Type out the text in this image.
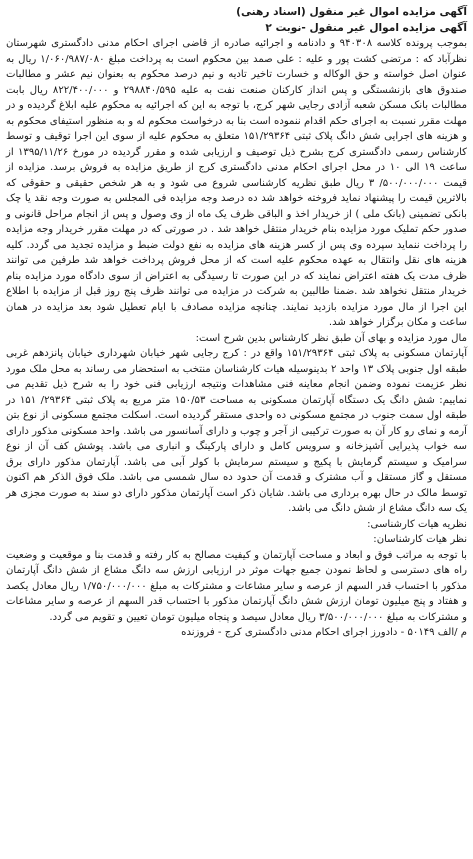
آگهی مزایده اموال غیر منقول (اسناد رهنی)
آگهی مزایده اموال غیر منقول -نوبت ۲

بموجب پرونده کلاسه ۹۴۰۳۰۸ و دادنامه و اجرائیه صادره از قاضی اجرای احکام مدنی دادگستری شهرستان نظرآباد که : مرتضی کشت پور و علیه : علی صمد بین محکوم است به پرداخت مبلغ ۱/۰۶۰/۹۸۷/۰۸۰ ریال به عنوان اصل خواسته و حق الوکاله و خسارت تاخیر تادیه و نیم درصد محکوم به بعنوان نیم عشر و مطالبات صندوق های بازنشستگی و پس انداز کارکنان صنعت نفت به علیه ۲۹۸۸۴۰/۵۹۵ و ۸۲۲/۴۰۰/۰۰۰ ریال بابت مطالبات بانک مسکن شعبه آزادی رجایی شهر کرج، با توجه به این که اجرائیه به محکوم علیه ابلاغ گردیده و در مهلت مقرر نسبت به اجرای حکم اقدام ننموده است بنا به درخواست محکوم له و به منظور استیفای محکوم به و هزینه های اجرایی شش دانگ پلاک ثبتی ۱۵۱/۲۹۳۶۴ متعلق به محکوم علیه از سوی این اجرا توقیف و توسط کارشناس رسمی دادگستری کرج بشرح ذیل توصیف و ارزیابی شده و مقرر گردیده در مورخ ۱۳۹۵/۱۱/۲۶ از ساعت ۱۹ الی ۱۰ در محل اجرای احکام مدنی دادگستری کرج از طریق مزایده به فروش برسد. مزایده از قیمت ۵۰۰/۰۰۰/۰۰۰/ ۳ ریال طبق نظریه کارشناسی شروع می شود و به هر شخص حقیقی و حقوقی که بالاترین قیمت را پیشنهاد نماید فروخته خواهد شد ده درصد وجه مزایده فی المجلس به صورت وجه نقد یا چک بانکی تضمینی (بانک ملی ) از خریدار اخذ و الباقی ظرف یک ماه از وی وصول و پس از انجام مراحل قانونی و صدور حکم تملیک مورد مزایده بنام خریدار منتقل خواهد شد . در صورتی که در مهلت مقرر خریدار وجه مزایده را پرداخت ننماید سپرده وی پس از کسر هزینه های مزایده به نفع دولت ضبط و مزایده تجدید می گردد. کلیه هزینه های نقل وانتقال به عهده محکوم علیه است که از محل فروش پرداخت خواهد شد طرفین می توانند ظرف مدت یک هفته اعتراض نمایند که در این صورت تا رسیدگی به اعتراض از سوی دادگاه مورد مزایده بنام خریدار منتقل نخواهد شد .ضمنا طالبین به شرکت در مزایده می توانند ظرف پنج روز قبل از مزایده با اطلاع این اجرا از مال مورد مزایده بازدید نمایند. چنانچه مزایده مصادف با ایام تعطیل شود بعد مزایده در همان ساعت و مکان برگزار خواهد شد.

مال مورد مزایده و بهای آن طبق نظر کارشناس بدین شرح است:

آپارتمان مسکونی به پلاک ثبتی ۱۵۱/۲۹۳۶۴ واقع در : کرج رجایی شهر خیابان شهرداری خیابان پانزدهم غربی طبقه اول جنوبی پلاک ۱۳ واحد ۲ بدینوسیله هیات کارشناسان منتخب به استحضار می رساند به محل ملک مورد نظر عزیمت نموده وضمن انجام معاینه فنی مشاهدات ونتیجه ارزیابی فنی خود را به شرح ذیل تقدیم می نماییم: شش دانگ یک دستگاه آپارتمان مسکونی به مساحت ۱۵۰/۵۳ متر مربع به پلاک ثبتی ۲۹۳۶۴/ ۱۵۱ در طبقه اول سمت جنوب در مجتمع مسکونی ده واحدی مستقر گردیده است. اسکلت مجتمع مسکونی از نوع بتن آرمه و نمای رو کار آن به صورت ترکیبی از آجر و چوب و دارای آسانسور می باشد. واحد مسکونی مذکور دارای سه خواب پذیرایی آشپزخانه و سرویس کامل و دارای پارکینگ و انباری می باشد. پوشش کف آن از نوع سرامیک و سیستم گرمایش با پکیج و سیستم سرمایش با کولر آبی می باشد. آپارتمان مذکور دارای برق مستقل و گاز مستقل و آب مشترک و قدمت آن حدود ده سال شمسی می باشد. ملک فوق الذکر هم اکنون توسط مالک در حال بهره برداری می باشد. شایان ذکر است آپارتمان مذکور دارای دو سند به صورت مجزی هر یک سه دانگ مشاع از شش دانگ می باشد.

نظریه هیات کارشناسی:
نظر هیات کارشناسان:

با توجه به مراتب فوق و ابعاد و مساحت آپارتمان و کیفیت مصالح به کار رفته و قدمت بنا و موقعیت و وضعیت راه های دسترسی و لحاظ نمودن جمیع جهات موثر در ارزیابی ارزش سه دانگ مشاع از شش دانگ آپارتمان مذکور با احتساب قدر السهم از عرصه و سایر مشاعات و مشترکات به مبلغ ۱/۷۵۰/۰۰۰/۰۰۰ ریال معادل یکصد و هفتاد و پنج میلیون تومان ارزش شش دانگ آپارتمان مذکور با احتساب قدر السهم از عرصه و سایر مشاعات و مشترکات به مبلغ ۳/۵۰۰/۰۰۰/۰۰۰ ریال معادل سیصد و پنجاه میلیون تومان تعیین و تقویم می گردد.

م /الف ۵۰۱۴۹ - دادورز اجرای احکام مدنی دادگستری کرج - فروزنده
